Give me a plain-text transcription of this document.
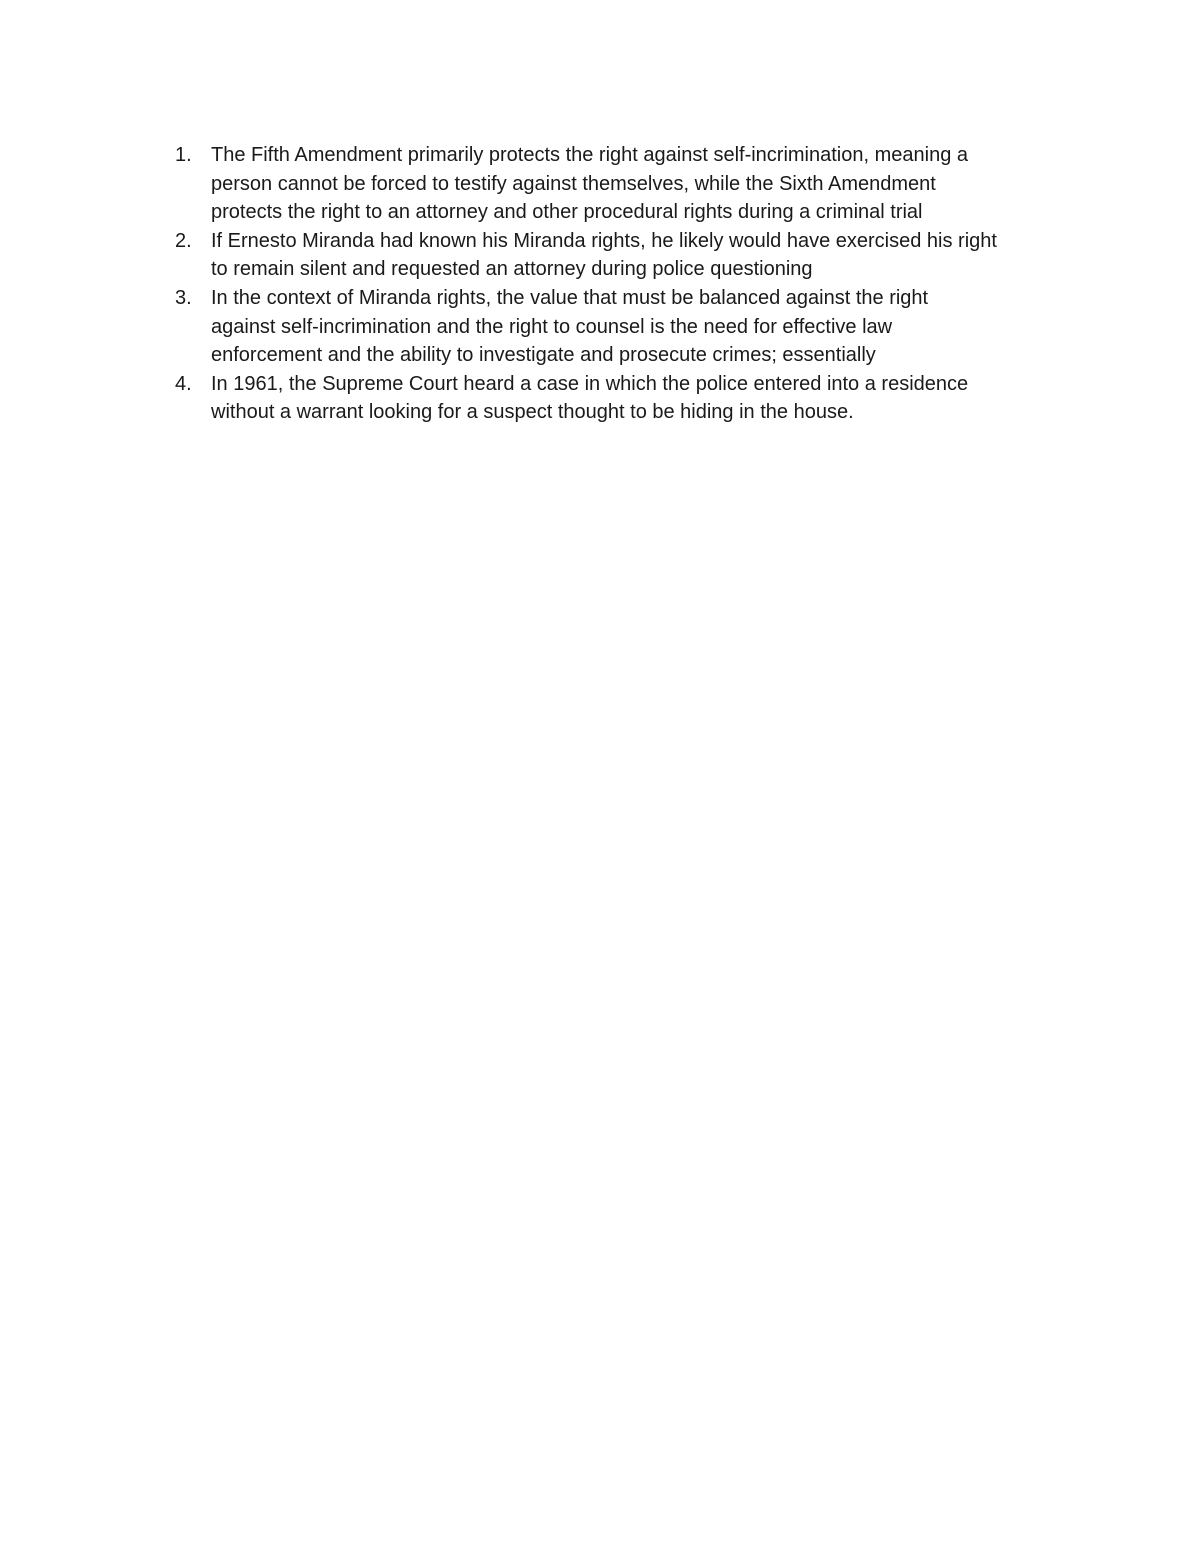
1. The Fifth Amendment primarily protects the right against self-incrimination, meaning a
person cannot be forced to testify against themselves, while the Sixth Amendment
protects the right to an attorney and other procedural rights during a criminal trial
2. If Ernesto Miranda had known his Miranda rights, he likely would have exercised his right
to remain silent and requested an attorney during police questioning
3. In the context of Miranda rights, the value that must be balanced against the right
against self-incrimination and the right to counsel is the need for effective law
enforcement and the ability to investigate and prosecute crimes; essentially
4. In 1961, the Supreme Court heard a case in which the police entered into a residence
without a warrant looking for a suspect thought to be hiding in the house.
